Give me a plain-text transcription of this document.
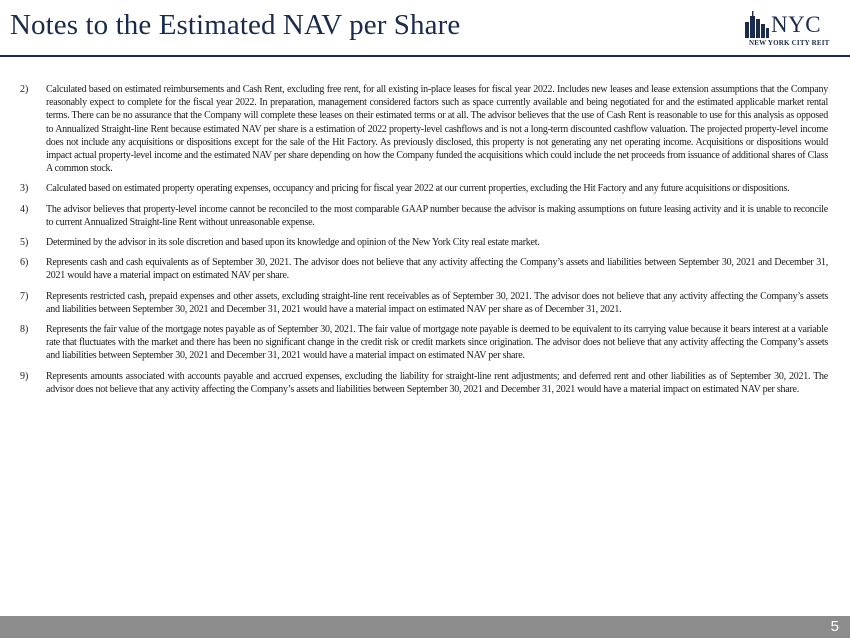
Notes to the Estimated NAV per Share	NYC
NEW YORK CITY REIT
2) Calculated based on estimated reimbursements and Cash Rent, excluding free rent, for all existing in-place leases for fiscal year 2022. Includes new leases and lease extension assumptions that the Company reasonably expect to complete for the fiscal year 2022. In preparation, management considered factors such as space currently available and being negotiated for and the estimated applicable market rental terms. There can be no assurance that the Company will complete these leases on their estimated terms or at all. The advisor believes that the use of Cash Rent is reasonable to use for this analysis as opposed to Annualized Straight-line Rent because estimated NAV per share is a estimation of 2022 property-level cashflows and is not a long-term discounted cashflow valuation. The projected property-level income does not include any acquisitions or dispositions except for the sale of the Hit Factory. As previously disclosed, this property is not generating any net operating income. Acquisitions or dispositions would impact actual property-level income and the estimated NAV per share depending on how the Company funded the acquisitions which could include the net proceeds from issuance of additional shares of Class A common stock.
3) Calculated based on estimated property operating expenses, occupancy and pricing for fiscal year 2022 at our current properties, excluding the Hit Factory and any future acquisitions or dispositions.
4) The advisor believes that property-level income cannot be reconciled to the most comparable GAAP number because the advisor is making assumptions on future leasing activity and it is unable to reconcile to current Annualized Straight-line Rent without unreasonable expense.
5) Determined by the advisor in its sole discretion and based upon its knowledge and opinion of the New York City real estate market.
6) Represents cash and cash equivalents as of September 30, 2021. The advisor does not believe that any activity affecting the Company’s assets and liabilities between September 30, 2021 and December 31, 2021 would have a material impact on estimated NAV per share.
7) Represents restricted cash, prepaid expenses and other assets, excluding straight-line rent receivables as of September 30, 2021. The advisor does not believe that any activity affecting the Company’s assets and liabilities between September 30, 2021 and December 31, 2021 would have a material impact on estimated NAV per share as of December 31, 2021.
8) Represents the fair value of the mortgage notes payable as of September 30, 2021. The fair value of mortgage note payable is deemed to be equivalent to its carrying value because it bears interest at a variable rate that fluctuates with the market and there has been no significant change in the credit risk or credit markets since origination. The advisor does not believe that any activity affecting the Company’s assets and liabilities between September 30, 2021 and December 31, 2021 would have a material impact on estimated NAV per share.
9) Represents amounts associated with accounts payable and accrued expenses, excluding the liability for straight-line rent adjustments; and deferred rent and other liabilities as of September 30, 2021. The advisor does not believe that any activity affecting the Company’s assets and liabilities between September 30, 2021 and December 31, 2021 would have a material impact on estimated NAV per share.
5
